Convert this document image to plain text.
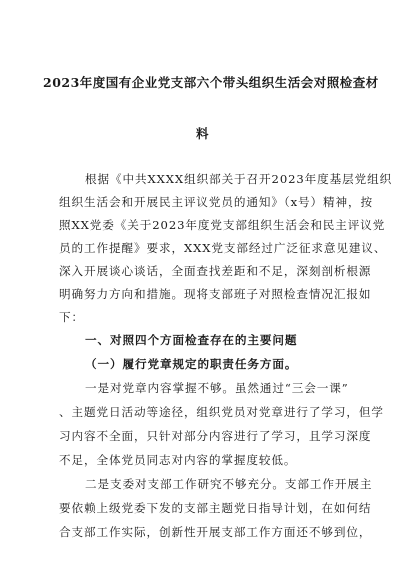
2023年度国有企业党支部六个带头组织生活会对照检查材
料
根据《中共XXXX组织部关于召开2023年度基层党组织
组织生活会和开展民主评议党员的通知》（x号）精神，按
照XX党委《关于2023年度党支部组织生活会和民主评议党
员的工作提醒》要求，XXX党支部经过广泛征求意见建议、
深入开展谈心谈话，全面查找差距和不足，深刻剖析根源
明确努力方向和措施。现将支部班子对照检查情况汇报如
下：
一、对照四个方面检查存在的主要问题
（一）履行党章规定的职责任务方面。
一是对党章内容掌握不够。虽然通过“三会一课”
、主题党日活动等途径，组织党员对党章进行了学习，但学
习内容不全面，只针对部分内容进行了学习，且学习深度
不足，全体党员同志对内容的掌握度较低。
二是支委对支部工作研究不够充分。支部工作开展主
要依赖上级党委下发的支部主题党日指导计划，在如何结
合支部工作实际，创新性开展支部工作方面还不够到位，
